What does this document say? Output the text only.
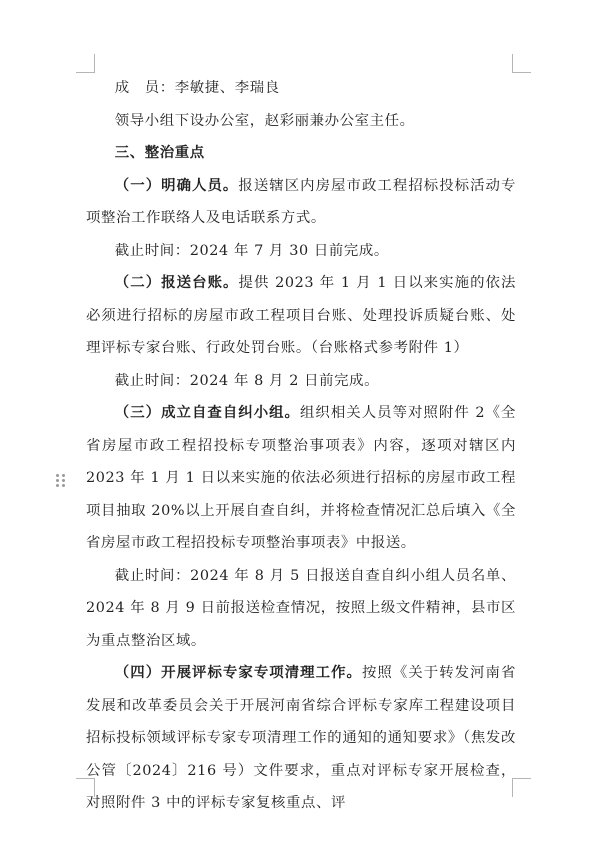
成　员：李敏捷、李瑞良

领导小组下设办公室，赵彩丽兼办公室主任。

三、整治重点

（一）明确人员。报送辖区内房屋市政工程招标投标活动专项整治工作联络人及电话联系方式。

截止时间：2024 年 7 月 30 日前完成。

（二）报送台账。提供 2023 年 1 月 1 日以来实施的依法必须进行招标的房屋市政工程项目台账、处理投诉质疑台账、处理评标专家台账、行政处罚台账。（台账格式参考附件 1）

截止时间：2024 年 8 月 2 日前完成。

（三）成立自查自纠小组。组织相关人员等对照附件 2《全省房屋市政工程招投标专项整治事项表》内容，逐项对辖区内 2023 年 1 月 1 日以来实施的依法必须进行招标的房屋市政工程项目抽取 20%以上开展自查自纠，并将检查情况汇总后填入《全省房屋市政工程招投标专项整治事项表》中报送。

截止时间：2024 年 8 月 5 日报送自查自纠小组人员名单、2024 年 8 月 9 日前报送检查情况，按照上级文件精神，县市区为重点整治区域。

（四）开展评标专家专项清理工作。按照《关于转发河南省发展和改革委员会关于开展河南省综合评标专家库工程建设项目招标投标领域评标专家专项清理工作的通知的通知要求》（焦发改公管〔2024〕216 号）文件要求，重点对评标专家开展检查，对照附件 3 中的评标专家复核重点、评
